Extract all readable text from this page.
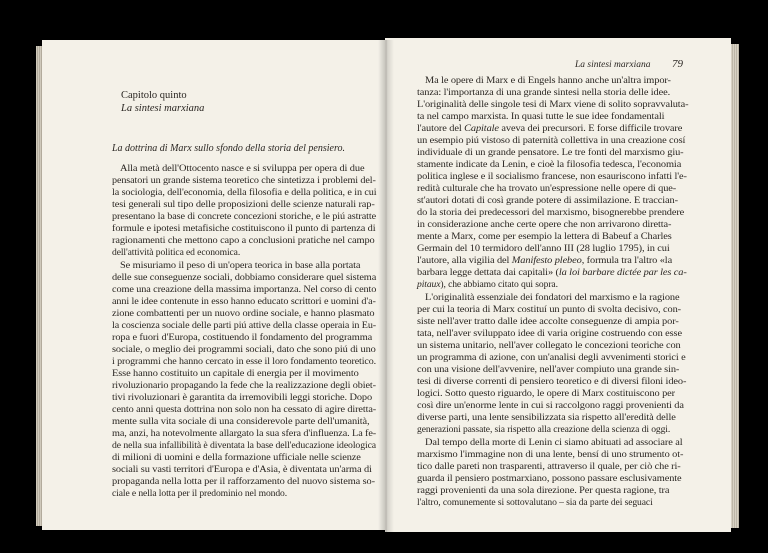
Capitolo quinto
La sintesi marxiana
La dottrina di Marx sullo sfondo della storia del pensiero.
Alla metà dell'Ottocento nasce e si sviluppa per opera di due
pensatori un grande sistema teoretico che sintetizza i problemi del-
la sociologia, dell'economia, della filosofia e della politica, e in cui
tesi generali sul tipo delle proposizioni delle scienze naturali rap-
presentano la base di concrete concezioni storiche, e le piú astratte
formule e ipotesi metafisiche costituiscono il punto di partenza di
ragionamenti che mettono capo a conclusioni pratiche nel campo
dell'attività politica ed economica.
Se misuriamo il peso di un'opera teorica in base alla portata
delle sue conseguenze sociali, dobbiamo considerare quel sistema
come una creazione della massima importanza. Nel corso di cento
anni le idee contenute in esso hanno educato scrittori e uomini d'a-
zione combattenti per un nuovo ordine sociale, e hanno plasmato
la coscienza sociale delle parti piú attive della classe operaia in Eu-
ropa e fuori d'Europa, costituendo il fondamento del programma
sociale, o meglio dei programmi sociali, dato che sono piú di uno
i programmi che hanno cercato in esse il loro fondamento teoretico.
Esse hanno costituito un capitale di energia per il movimento
rivoluzionario propagando la fede che la realizzazione degli obiet-
tivi rivoluzionari è garantita da irremovibili leggi storiche. Dopo
cento anni questa dottrina non solo non ha cessato di agire diretta-
mente sulla vita sociale di una considerevole parte dell'umanità,
ma, anzi, ha notevolmente allargato la sua sfera d'influenza. La fe-
de nella sua infallibilità è diventata la base dell'educazione ideologica
di milioni di uomini e della formazione ufficiale nelle scienze
sociali su vasti territori d'Europa e d'Asia, è diventata un'arma di
propaganda nella lotta per il rafforzamento del nuovo sistema so-
ciale e nella lotta per il predominio nel mondo.
La sintesi marxiana 79
Ma le opere di Marx e di Engels hanno anche un'altra impor-
tanza: l'importanza di una grande sintesi nella storia delle idee.
L'originalità delle singole tesi di Marx viene di solito sopravvaluta-
ta nel campo marxista. In quasi tutte le sue idee fondamentali
l'autore del Capitale aveva dei precursori. E forse difficile trovare
un esempio piú vistoso di paternità collettiva in una creazione cosí
individuale di un grande pensatore. Le tre fonti del marxismo giu-
stamente indicate da Lenin, e cioè la filosofia tedesca, l'economia
politica inglese e il socialismo francese, non esauriscono infatti l'e-
redità culturale che ha trovato un'espressione nelle opere di que-
st'autori dotati di così grande potere di assimilazione. E traccian-
do la storia dei predecessori del marxismo, bisognerebbe prendere
in considerazione anche certe opere che non arrivarono diretta-
mente a Marx, come per esempio la lettera di Babeuf a Charles
Germain del 10 termidoro dell'anno III (28 luglio 1795), in cui
l'autore, alla vigilia del Manifesto plebeo, formula tra l'altro «la
barbara legge dettata dai capitali» (la loi barbare dictée par les ca-
pitaux), che abbiamo citato qui sopra.
L'originalità essenziale dei fondatori del marxismo e la ragione
per cui la teoria di Marx costituí un punto di svolta decisivo, con-
siste nell'aver tratto dalle idee accolte conseguenze di ampia por-
tata, nell'aver sviluppato idee di varia origine costruendo con esse
un sistema unitario, nell'aver collegato le concezioni teoriche con
un programma di azione, con un'analisi degli avvenimenti storici e
con una visione dell'avvenire, nell'aver compiuto una grande sin-
tesi di diverse correnti di pensiero teoretico e di diversi filoni ideo-
logici. Sotto questo riguardo, le opere di Marx costituiscono per
così dire un'enorme lente in cui si raccolgono raggi provenienti da
diverse parti, una lente sensibilizzata sia rispetto all'eredità delle
generazioni passate, sia rispetto alla creazione della scienza di oggi.
Dal tempo della morte di Lenin ci siamo abituati ad associare al
marxismo l'immagine non di una lente, bensí di uno strumento ot-
tico dalle pareti non trasparenti, attraverso il quale, per ciò che ri-
guarda il pensiero postmarxiano, possono passare esclusivamente
raggi provenienti da una sola direzione. Per questa ragione, tra
l'altro, comunemente si sottovalutano – sia da parte dei seguaci
